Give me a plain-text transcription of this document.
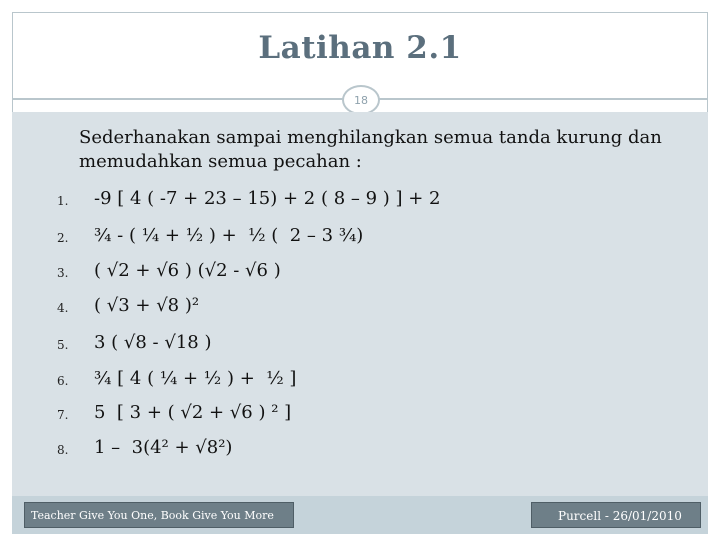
Latihan 2.1
18
Sederhanakan sampai menghilangkan semua tanda kurung dan memudahkan semua pecahan :
1. -9 [ 4 ( -7 + 23 – 15) + 2 ( 8 – 9 ) ] + 2
2. ¾ - ( ¼ + ½ ) +  ½ (  2 – 3 ¾)
3. ( √2 + √6 ) (√2 - √6 )
4. ( √3 + √8 )²
5. 3 ( √8 - √18 )
6. ¾ [ 4 ( ¼ + ½ ) +  ½ ]
7. 5  [ 3 + ( √2 + √6 ) ² ]
8. 1 –  3(4² + √8²)
Teacher Give You One, Book Give You More	Purcell - 26/01/2010
